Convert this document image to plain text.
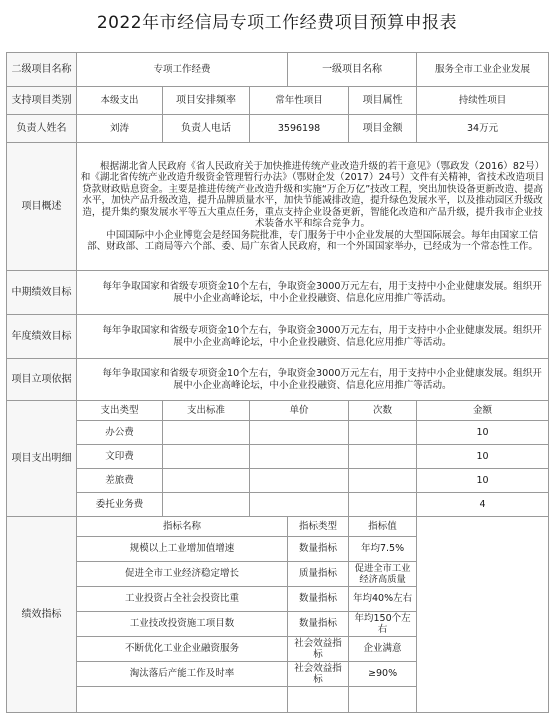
2022年市经信局专项工作经费项目预算申报表
二级项目名称	专项工作经费			一级项目名称		服务全市工业企业发展
支持项目类别	本级支出	项目安排频率	常年性项目		项目属性	持续性项目
负责人姓名	刘涛	负责人电话	3596198		项目金额	34万元
项目概述	根据湖北省人民政府《省人民政府关于加快推进传统产业改造升级的若干意见》（鄂政发（2016）82号）和《湖北省传统产业改造升级资金管理暂行办法》（鄂财企发（2017）24号）文件有关精神，省技术改造项目贷款财政贴息资金。主要是推进传统产业改造升级和实施“万企万亿”技改工程，突出加快设备更新改造、提高水平，加快产品升级改造，提升品牌质量水平，加快节能减排改造，提升绿色发展水平，以及推动园区升级改造，提升集约聚发展水平等五大重点任务，重点支持企业设备更新，智能化改造和产品升级，提升我市企业技术装备水平和综合竞争力。

中国国际中小企业博览会是经国务院批准，专门服务于中小企业发展的大型国际展会。每年由国家工信部、财政部、工商局等六个部、委、局广东省人民政府，和一个外国国家举办，已经成为一个常态性工作。					

中期绩效目标	每年争取国家和省级专项资金10个左右，争取资金3000万元左右，用于支持中小企业健康发展。组织开展中小企业高峰论坛，中小企业投融资、信息化应用推广等活动。					

年度绩效目标	每年争取国家和省级专项资金10个左右，争取资金3000万元左右，用于支持中小企业健康发展。组织开展中小企业高峰论坛，中小企业投融资、信息化应用推广等活动。					

项目立项依据	每年争取国家和省级专项资金10个左右，争取资金3000万元左右，用于支持中小企业健康发展。组织开展中小企业高峰论坛，中小企业投融资、信息化应用推广等活动。					

项目支出明细	支出类型	支出标准	单价		次数	金额
	办公费					10
	文印费					10
	差旅费					10
	委托业务费					4
绩效指标	指标名称			指标类型	指标值	
	规模以上工业增加值增速			数量指标	年均7.5%	
	促进全市工业经济稳定增长			质量指标	促进全市工业经济高质量	
	工业投资占全社会投资比重			数量指标	年均40%左右	
	工业技改投资施工项目数			数量指标	年均150个左右	
	不断优化工业企业融资服务			社会效益指标	企业满意	
	淘汰落后产能工作及时率			社会效益指标	≥90%	
